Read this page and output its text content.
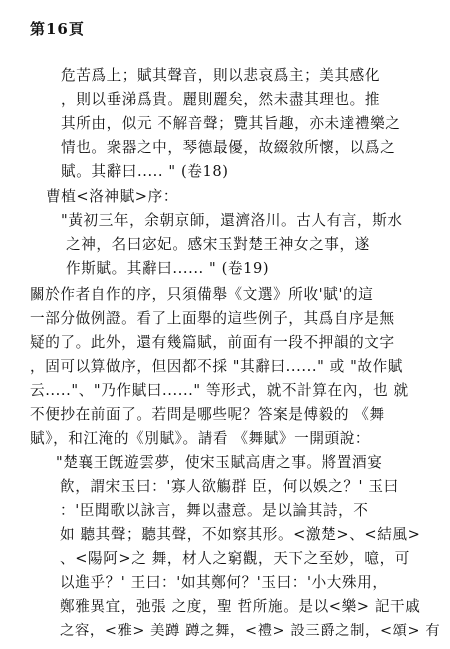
第16頁
危苦爲上；賦其聲音，則以悲哀爲主；美其感化
，則以垂涕爲貴。麗則麗矣，然未盡其理也。推
其所由，似元 不解音聲；覽其旨趣，亦未達禮樂之
情也。衆器之中，琴德最優，故綴敘所懷，以爲之
賦。其辭曰..... " (卷18)
曹植<洛神賦>序：
"黃初三年，余朝京師，還濟洛川。古人有言，斯水
之神，名曰宓妃。感宋玉對楚王神女之事，遂
作斯賦。其辭曰...... " (卷19)
關於作者自作的序，只須備舉《文選》所收'賦'的這
一部分做例證。看了上面舉的這些例子，其爲自序是無
疑的了。此外，還有幾篇賦，前面有一段不押韻的文字
，固可以算做序，但因都不採 "其辭曰......" 或 "故作賦
云....."、"乃作賦曰......" 等形式，就不計算在內，也 就
不便抄在前面了。若問是哪些呢？答案是傅毅的 《舞
賦》，和江淹的《別賦》。請看 《舞賦》一開頭說：
"楚襄王旣遊雲夢，使宋玉賦高唐之事。將置酒宴
飮，謂宋玉曰：'寡人欲觴群 臣，何以娛之？' 玉曰
：'臣聞歌以詠言，舞以盡意。是以論其詩，不
如 聽其聲；聽其聲，不如察其形。<激楚>、<結風>
、<陽阿>之 舞，材人之窮觀，天下之至妙，噫，可
以進乎？' 王曰：'如其鄭何？'玉曰：'小大殊用，
鄭雅異宜，弛張 之度，聖 哲所施。是以<樂> 記干戚
之容，<雅> 美蹲 蹲之舞，<禮> 設三爵之制，<頌> 有
